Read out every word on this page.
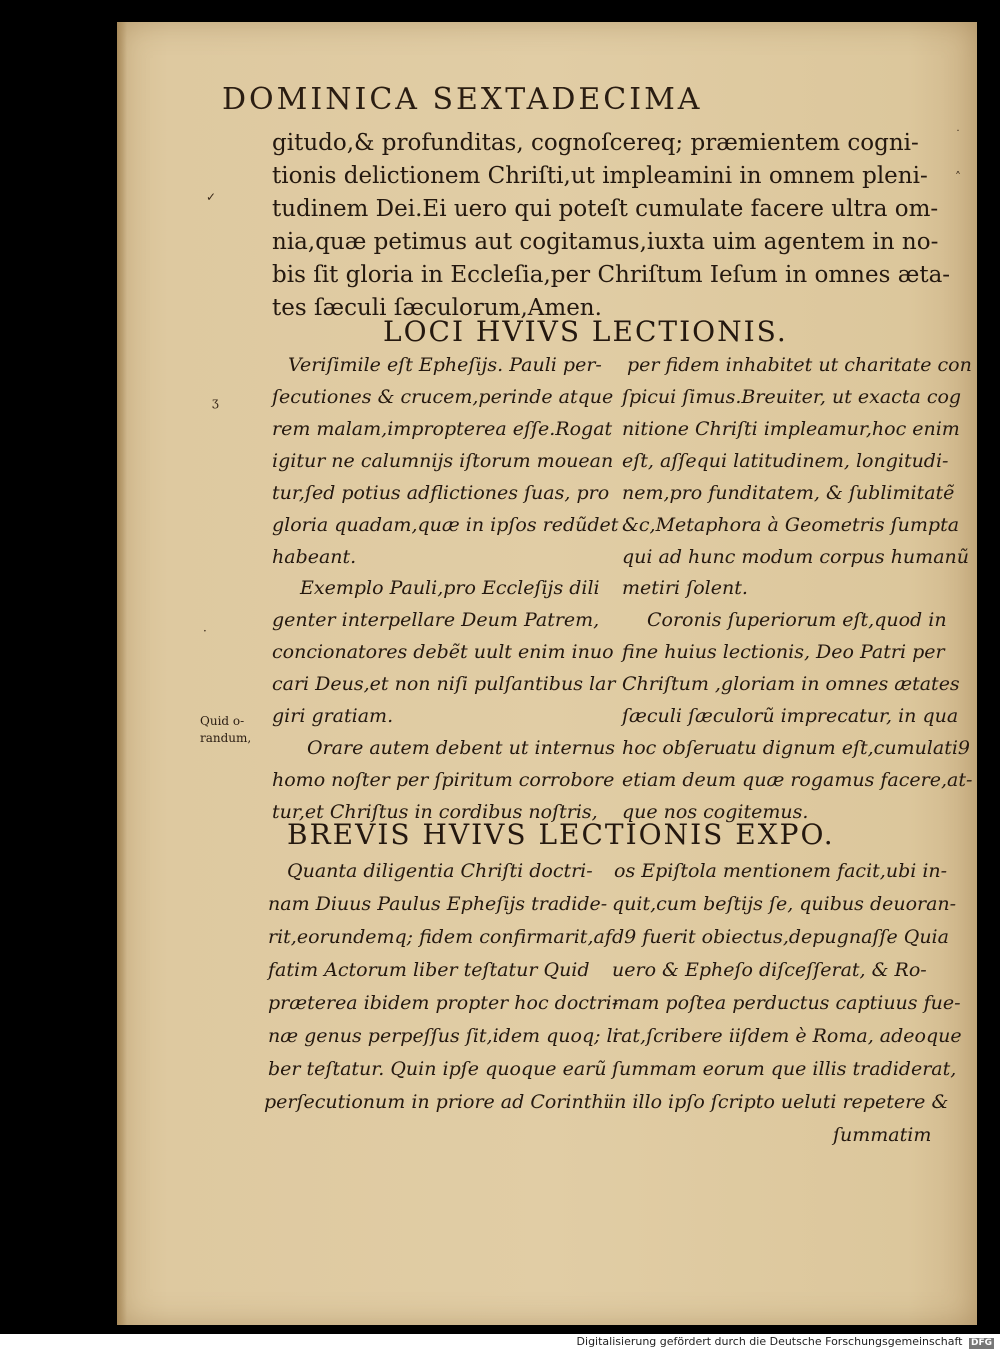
DOMINICA SEXTADECIMA
gitudo,& profunditas, cognoſcereq; præmientem cogni-
tionis delictionem Chriſti,ut impleamini in omnem pleni-
tudinem Dei.Ei uero qui poteſt cumulate facere ultra om-
nia,quæ petimus aut cogitamus,iuxta uim agentem in no-
bis ſit gloria in Eccleſia,per Chriſtum Ieſum in omnes æta-
tes ſæculi ſæculorum,Amen.
LOCI HVIVS LECTIONIS.
Veriſimile eſt Epheſijs. Pauli per-
ſecutiones & crucem,perinde atque
rem malam,impropterea eſſe.Rogat
igitur ne calumnijs iſtorum mouean
tur,ſed potius adflictiones ſuas, pro
gloria quadam,quæ in ipſos redũdet
habeant.
Exemplo Pauli,pro Eccleſijs dili
genter interpellare Deum Patrem,
concionatores debẽt uult enim inuo
cari Deus,et non niſi pulſantibus lar
giri gratiam.
Orare autem debent ut internus
homo noſter per ſpiritum corrobore
tur,et Chriſtus in cordibus noſtris,
per fidem inhabitet ut charitate con
ſpicui ſimus.Breuiter, ut exacta cog
nitione Chriſti impleamur,hoc enim
eſt, aſſequi latitudinem, longitudi-
nem,pro funditatem, & ſublimitatẽ
&c,Metaphora à Geometris ſumpta
qui ad hunc modum corpus humanũ
metiri ſolent.
Coronis ſuperiorum eſt,quod in
fine huius lectionis, Deo Patri per
Chriſtum ,gloriam in omnes ætates
ſæculi ſæculorũ imprecatur, in qua
hoc obſeruatu dignum eſt,cumulati9
etiam deum quæ rogamus facere,at-
que nos cogitemus.
BREVIS HVIVS LECTIONIS EXPO.
Quanta diligentia Chriſti doctri-
nam Diuus Paulus Epheſijs tradide-
rit,eorundemq; fidem confirmarit,af
fatim Actorum liber teſtatur Quid
præterea ibidem propter hoc doctri-
næ genus perpeſſus ſit,idem quoq; li
ber teſtatur. Quin ipſe quoque earũ
perſecutionum in priore ad Corinthi
os Epiſtola mentionem facit,ubi in-
quit,cum beſtijs ſe, quibus deuoran-
d9 fuerit obiectus,depugnaſſe Quia
uero & Epheſo diſceſſerat, & Ro-
mam poſtea perductus captiuus fue-
rat,ſcribere iiſdem è Roma, adeoque
ſummam eorum que illis tradiderat,
in illo ipſo ſcripto ueluti repetere &
ſummatim
Quid o-
randum,
✓
ʒ
·
˙
˄
Digitalisierung gefördert durch die Deutsche Forschungsgemeinschaft DFG
